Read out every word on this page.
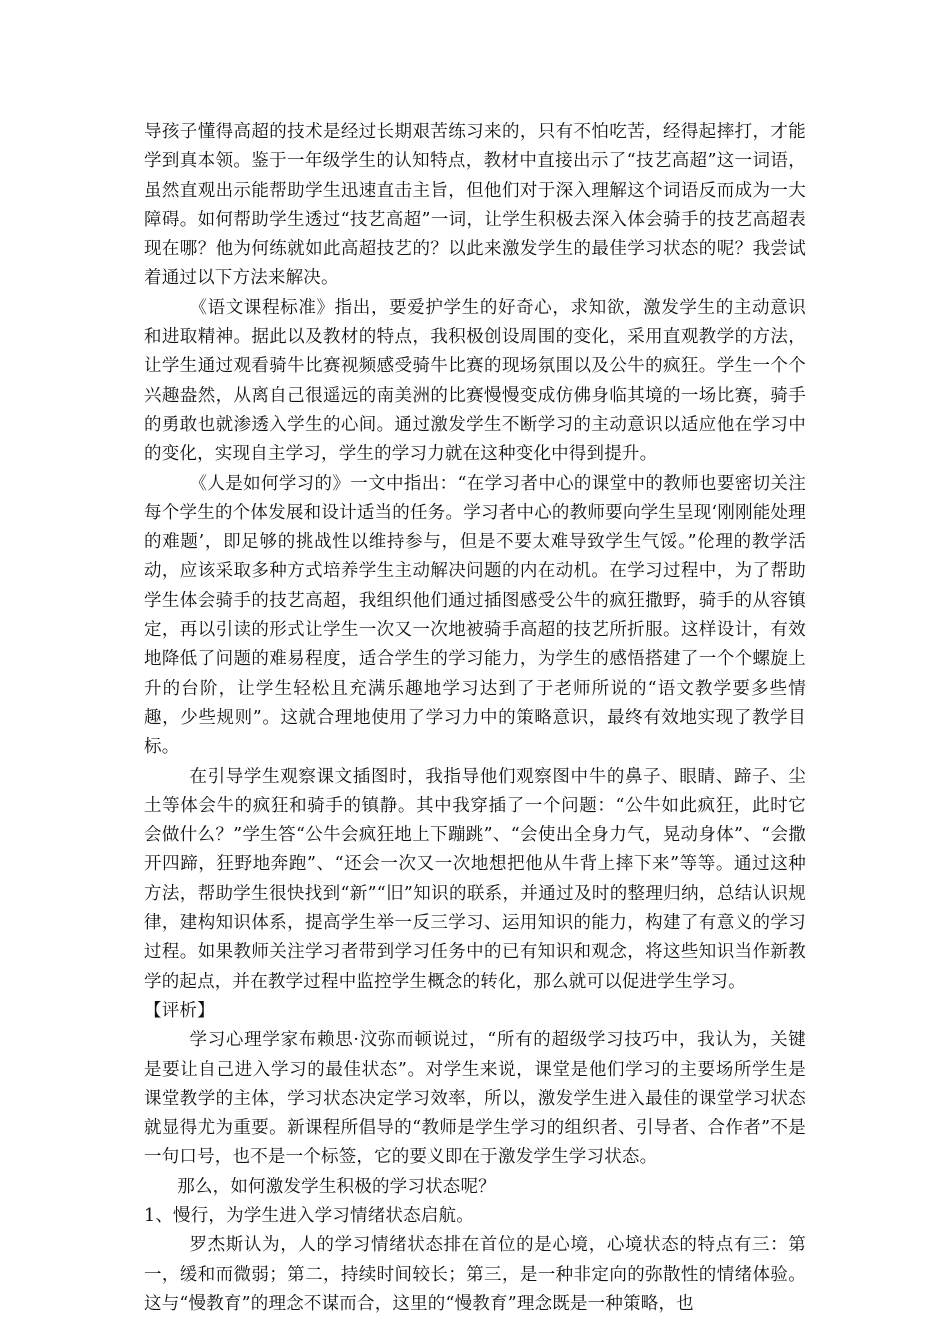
导孩子懂得高超的技术是经过长期艰苦练习来的，只有不怕吃苦，经得起摔打，才能学到真本领。鉴于一年级学生的认知特点，教材中直接出示了“技艺高超”这一词语，虽然直观出示能帮助学生迅速直击主旨，但他们对于深入理解这个词语反而成为一大障碍。如何帮助学生透过“技艺高超”一词，让学生积极去深入体会骑手的技艺高超表现在哪？他为何练就如此高超技艺的？以此来激发学生的最佳学习状态的呢？我尝试着通过以下方法来解决。

《语文课程标准》指出，要爱护学生的好奇心，求知欲，激发学生的主动意识和进取精神。据此以及教材的特点，我积极创设周围的变化，采用直观教学的方法，让学生通过观看骑牛比赛视频感受骑牛比赛的现场氛围以及公牛的疯狂。学生一个个兴趣盎然，从离自己很遥远的南美洲的比赛慢慢变成仿佛身临其境的一场比赛，骑手的勇敢也就渗透入学生的心间。通过激发学生不断学习的主动意识以适应他在学习中的变化，实现自主学习，学生的学习力就在这种变化中得到提升。

《人是如何学习的》一文中指出：“在学习者中心的课堂中的教师也要密切关注每个学生的个体发展和设计适当的任务。学习者中心的教师要向学生呈现‘刚刚能处理的难题’，即足够的挑战性以维持参与，但是不要太难导致学生气馁。”伦理的教学活动，应该采取多种方式培养学生主动解决问题的内在动机。在学习过程中，为了帮助学生体会骑手的技艺高超，我组织他们通过插图感受公牛的疯狂撒野，骑手的从容镇定，再以引读的形式让学生一次又一次地被骑手高超的技艺所折服。这样设计，有效地降低了问题的难易程度，适合学生的学习能力，为学生的感悟搭建了一个个螺旋上升的台阶，让学生轻松且充满乐趣地学习达到了于老师所说的“语文教学要多些情趣，少些规则”。这就合理地使用了学习力中的策略意识，最终有效地实现了教学目标。

在引导学生观察课文插图时，我指导他们观察图中牛的鼻子、眼睛、蹄子、尘土等体会牛的疯狂和骑手的镇静。其中我穿插了一个问题：“公牛如此疯狂，此时它会做什么？”学生答“公牛会疯狂地上下蹦跳”、“会使出全身力气，晃动身体”、“会撒开四蹄，狂野地奔跑”、“还会一次又一次地想把他从牛背上摔下来”等等。通过这种方法，帮助学生很快找到“新”“旧”知识的联系，并通过及时的整理归纳，总结认识规律，建构知识体系，提高学生举一反三学习、运用知识的能力，构建了有意义的学习过程。如果教师关注学习者带到学习任务中的已有知识和观念，将这些知识当作新教学的起点，并在教学过程中监控学生概念的转化，那么就可以促进学生学习。

【评析】

学习心理学家布赖思·汶弥而顿说过，“所有的超级学习技巧中，我认为，关键是要让自己进入学习的最佳状态”。对学生来说，课堂是他们学习的主要场所学生是课堂教学的主体，学习状态决定学习效率，所以，激发学生进入最佳的课堂学习状态就显得尤为重要。新课程所倡导的“教师是学生学习的组织者、引导者、合作者”不是一句口号，也不是一个标签，它的要义即在于激发学生学习状态。

那么，如何激发学生积极的学习状态呢？

1、慢行，为学生进入学习情绪状态启航。

罗杰斯认为，人的学习情绪状态排在首位的是心境，心境状态的特点有三：第一，缓和而微弱；第二，持续时间较长；第三，是一种非定向的弥散性的情绪体验。这与“慢教育”的理念不谋而合，这里的“慢教育”理念既是一种策略，也
